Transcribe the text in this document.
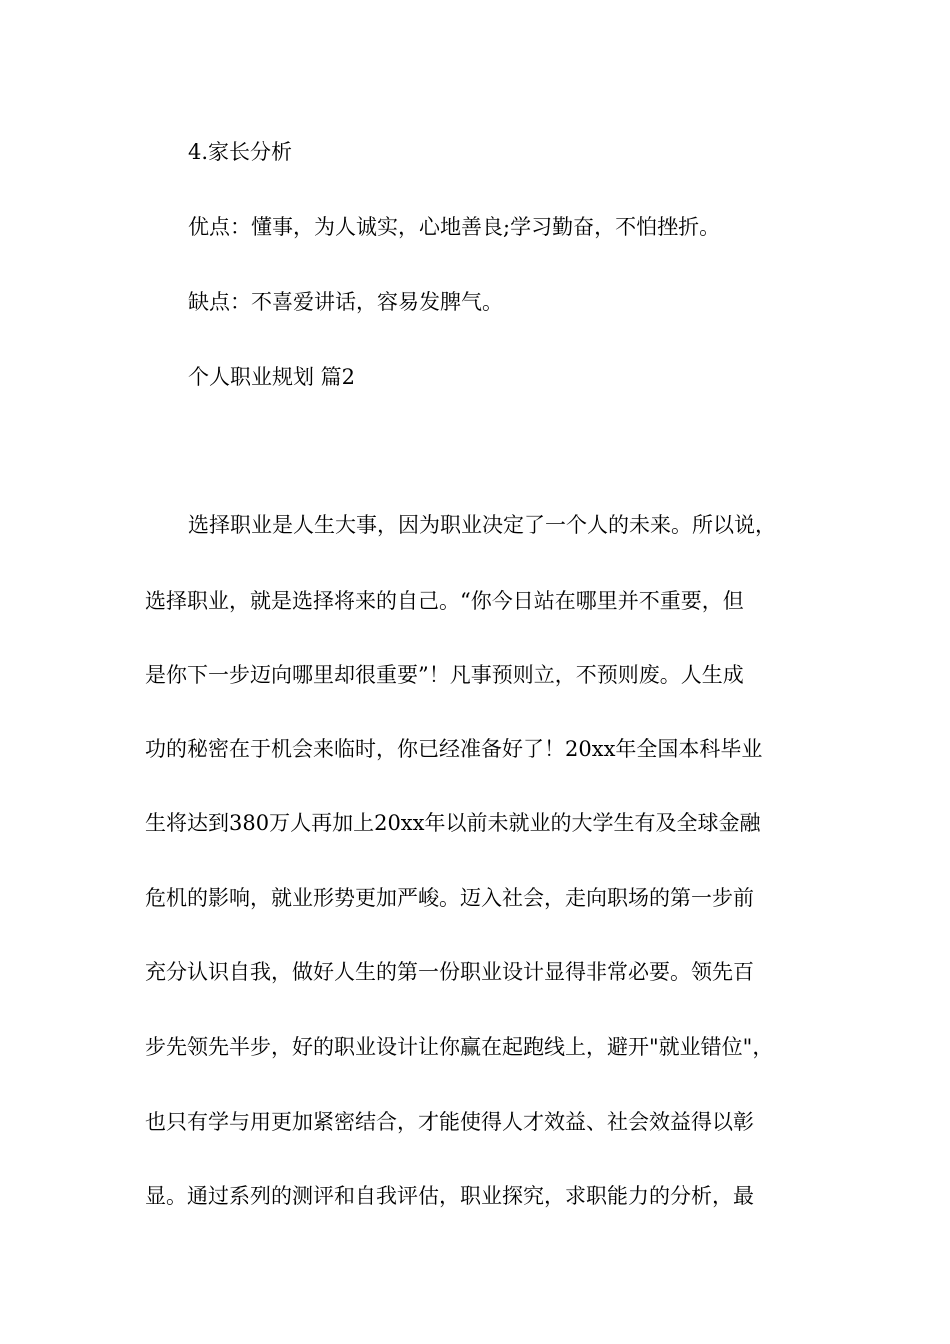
4.家长分析
优点：懂事，为人诚实，心地善良;学习勤奋，不怕挫折。
缺点：不喜爱讲话，容易发脾气。
个人职业规划 篇2
选择职业是人生大事，因为职业决定了一个人的未来。所以说，
选择职业，就是选择将来的自己。“你今日站在哪里并不重要，但
是你下一步迈向哪里却很重要”！凡事预则立，不预则废。人生成
功的秘密在于机会来临时，你已经准备好了！20xx年全国本科毕业
生将达到380万人再加上20xx年以前未就业的大学生有及全球金融
危机的影响，就业形势更加严峻。迈入社会，走向职场的第一步前
充分认识自我，做好人生的第一份职业设计显得非常必要。领先百
步先领先半步，好的职业设计让你赢在起跑线上，避开"就业错位"，
也只有学与用更加紧密结合，才能使得人才效益、社会效益得以彰
显。通过系列的测评和自我评估，职业探究，求职能力的分析，最
